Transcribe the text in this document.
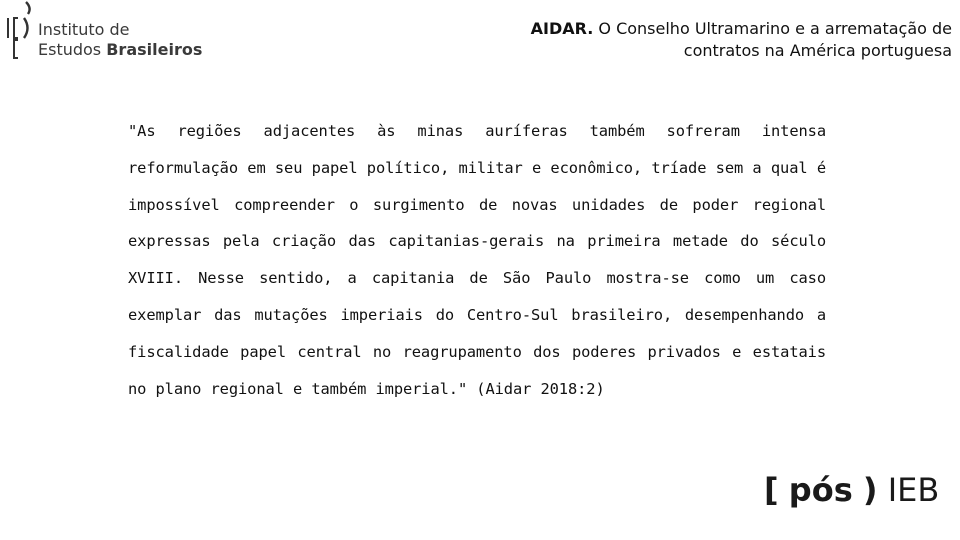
Instituto de
Estudos Brasileiros
AIDAR. O Conselho Ultramarino e a arrematação de
contratos na América portuguesa

"As regiões adjacentes às minas auríferas também sofreram intensa reformulação em seu papel político, militar e econômico, tríade sem a qual é impossível compreender o surgimento de novas unidades de poder regional expressas pela criação das capitanias-gerais na primeira metade do século XVIII. Nesse sentido, a capitania de São Paulo mostra-se como um caso exemplar das mutações imperiais do Centro-Sul brasileiro, desempenhando a fiscalidade papel central no reagrupamento dos poderes privados e estatais no plano regional e também imperial." (Aidar 2018:2)

[ pós ) IEB
